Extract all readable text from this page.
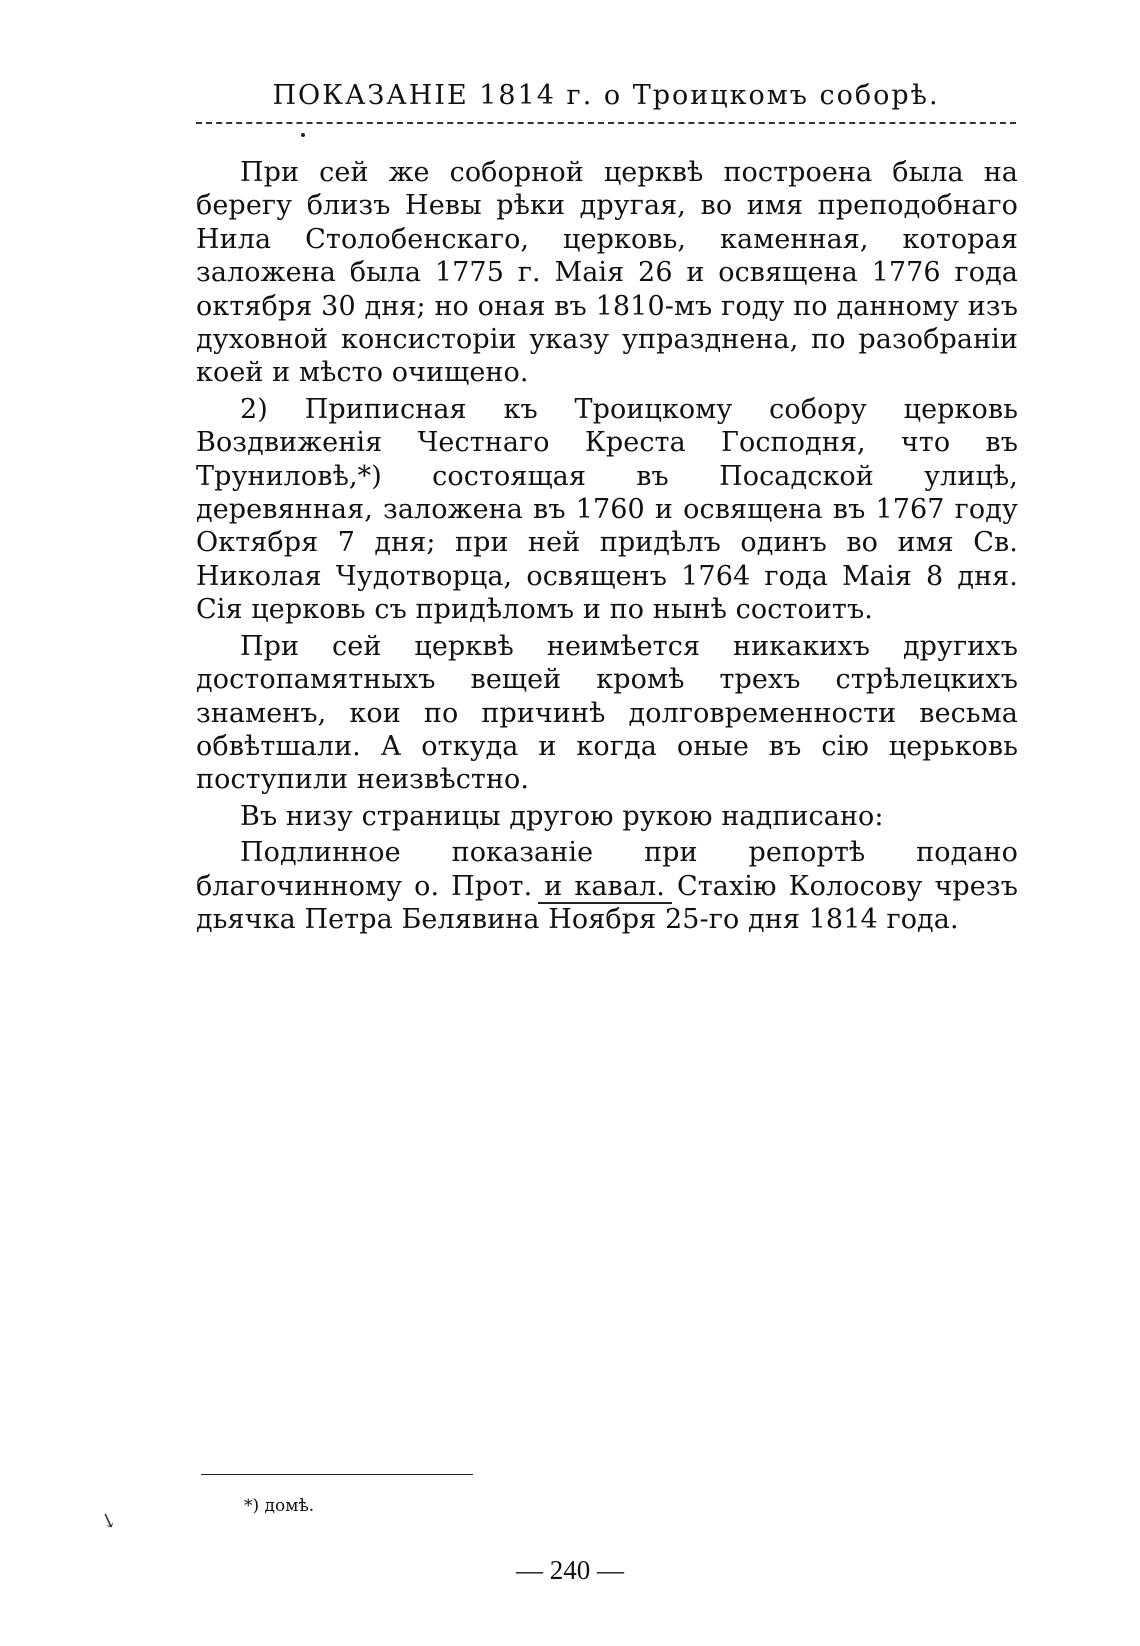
ПОКАЗАНІЕ 1814 г. о Троицкомъ соборѣ.

При сей же соборной церквѣ построена была на берегу близъ Невы рѣки другая, во имя преподобнаго Нила Столобенскаго, церковь, каменная, которая заложена была 1775 г. Маія 26 и освящена 1776 года октября 30 дня; но оная въ 1810-мъ году по данному изъ духовной консисторіи указу упразднена, по разобраніи коей и мѣсто очищено.

2) Приписная къ Троицкому собору церковь Воздвиженія Честнаго Креста Господня, что въ Труниловѣ,*) состоящая въ Посадской улицѣ, деревянная, заложена въ 1760 и освящена въ 1767 году Октября 7 дня; при ней придѣлъ одинъ во имя Св. Николая Чудотворца, освященъ 1764 года Маія 8 дня. Сія церковь съ придѣломъ и по нынѣ состоитъ.

При сей церквѣ неимѣется никакихъ другихъ достопамятныхъ вещей кромѣ трехъ стрѣлецкихъ знаменъ, кои по причинѣ долговременности весьма обвѣтшали. А откуда и когда оные въ сію церьковь поступили неизвѣстно.

Въ низу страницы другою рукою надписано:

Подлинное показаніе при репортѣ подано благочинному о. Прот. и кавал. Стахію Колосову чрезъ дьячка Петра Белявина Ноября 25-го дня 1814 года.

↘	*) домѣ.
— 240 —
